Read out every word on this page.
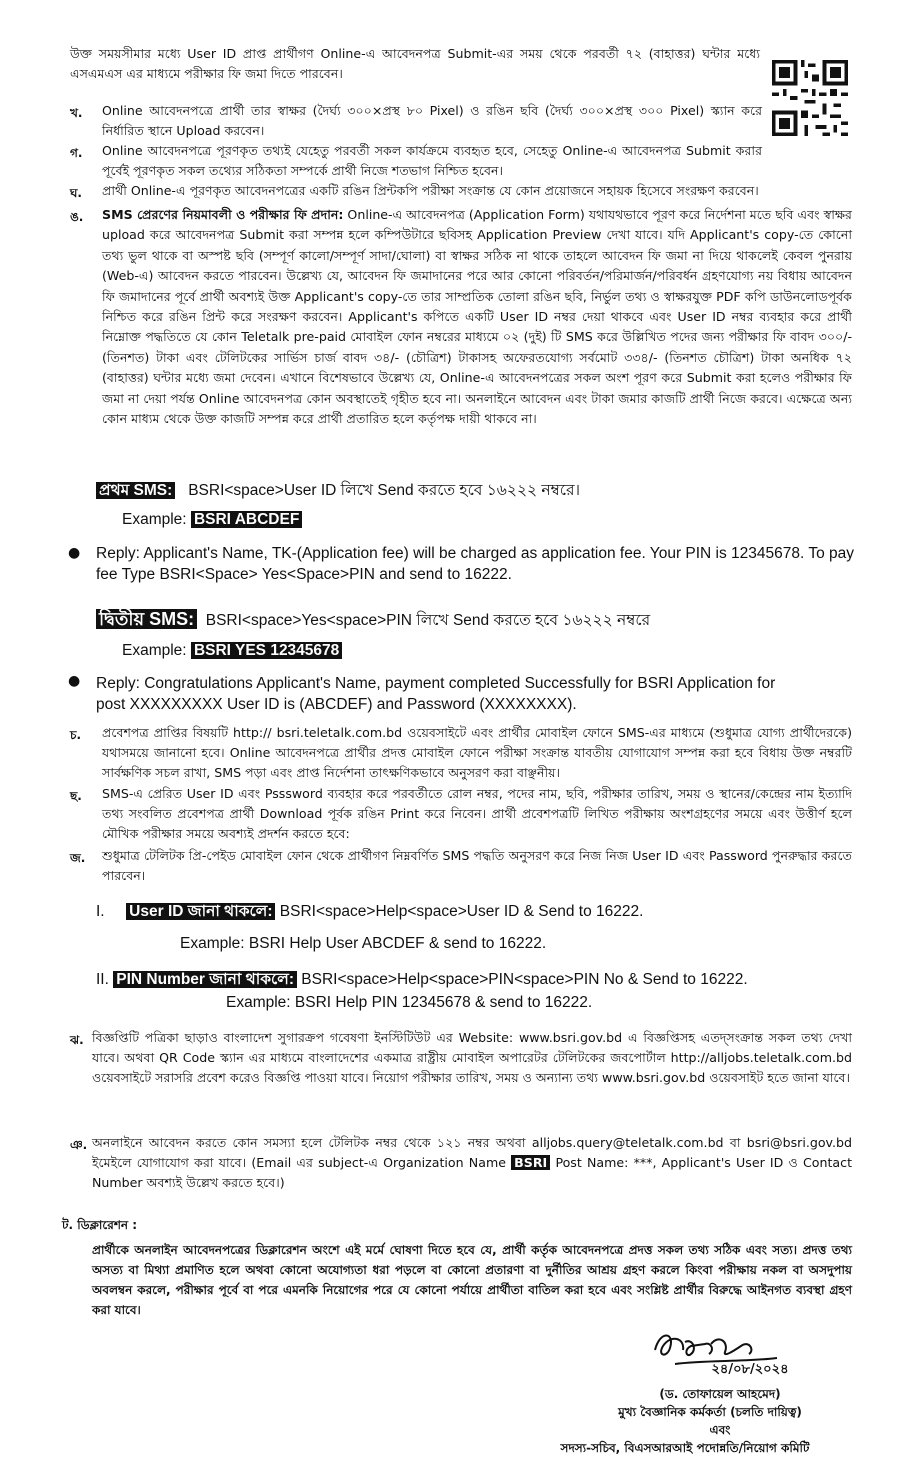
উক্ত সময়সীমার মধ্যে User ID প্রাপ্ত প্রার্থীগণ Online-এ আবেদনপত্র Submit-এর সময় থেকে পরবর্তী ৭২ (বাহাত্তর) ঘন্টার মধ্যে এসএমএস এর মাধ্যমে পরীক্ষার ফি জমা দিতে পারবেন।

খ. Online আবেদনপত্রে প্রার্থী তার স্বাক্ষর (দৈর্ঘ্য ৩০০×প্রস্থ ৮০ Pixel) ও রঙিন ছবি (দৈর্ঘ্য ৩০০×প্রস্থ ৩০০ Pixel) স্ক্যান করে নির্ধারিত স্থানে Upload করবেন।

গ. Online আবেদনপত্রে পূরণকৃত তথ্যই যেহেতু পরবর্তী সকল কার্যক্রমে ব্যবহৃত হবে, সেহেতু Online-এ আবেদনপত্র Submit করার পূর্বেই পূরণকৃত সকল তথ্যের সঠিকতা সম্পর্কে প্রার্থী নিজে শতভাগ নিশ্চিত হবেন।

ঘ. প্রার্থী Online-এ পূরণকৃত আবেদনপত্রের একটি রঙিন প্রিন্টকপি পরীক্ষা সংক্রান্ত যে কোন প্রয়োজনে সহায়ক হিসেবে সংরক্ষণ করবেন।

ঙ. SMS প্রেরণের নিয়মাবলী ও পরীক্ষার ফি প্রদান: Online-এ আবেদনপত্র (Application Form) যথাযথভাবে পূরণ করে নির্দেশনা মতে ছবি এবং স্বাক্ষর upload করে আবেদনপত্র Submit করা সম্পন্ন হলে কম্পিউটারে ছবিসহ Application Preview দেখা যাবে। যদি Applicant's copy-তে কোনো তথ্য ভুল থাকে বা অস্পষ্ট ছবি (সম্পূর্ণ কালো/সম্পূর্ণ সাদা/ঘোলা) বা স্বাক্ষর সঠিক না থাকে তাহলে আবেদন ফি জমা না দিয়ে থাকলেই কেবল পুনরায় (Web-এ) আবেদন করতে পারবেন। উল্লেখ্য যে, আবেদন ফি জমাদানের পরে আর কোনো পরিবর্তন/পরিমার্জন/পরিবর্ধন গ্রহণযোগ্য নয় বিধায় আবেদন ফি জমাদানের পূর্বে প্রার্থী অবশ্যই উক্ত Applicant's copy-তে তার সাম্প্রতিক তোলা রঙিন ছবি, নির্ভুল তথ্য ও স্বাক্ষরযুক্ত PDF কপি ডাউনলোডপূর্বক নিশ্চিত করে রঙিন প্রিন্ট করে সংরক্ষণ করবেন। Applicant's কপিতে একটি User ID নম্বর দেয়া থাকবে এবং User ID নম্বর ব্যবহার করে প্রার্থী নিম্নোক্ত পদ্ধতিতে যে কোন Teletalk pre-paid মোবাইল ফোন নম্বরের মাধ্যমে ০২ (দুই) টি SMS করে উল্লিখিত পদের জন্য পরীক্ষার ফি বাবদ ৩০০/- (তিনশত) টাকা এবং টেলিটকের সার্ভিস চার্জ বাবদ ৩৪/- (চৌত্রিশ) টাকাসহ অফেরতযোগ্য সর্বমোট ৩৩৪/- (তিনশত চৌত্রিশ) টাকা অনধিক ৭২ (বাহাত্তর) ঘন্টার মধ্যে জমা দেবেন। এখানে বিশেষভাবে উল্লেখ্য যে, Online-এ আবেদনপত্রের সকল অংশ পূরণ করে Submit করা হলেও পরীক্ষার ফি জমা না দেয়া পর্যন্ত Online আবেদনপত্র কোন অবস্থাতেই গৃহীত হবে না। অনলাইনে আবেদন এবং টাকা জমার কাজটি প্রার্থী নিজে করবে। এক্ষেত্রে অন্য কোন মাধ্যম থেকে উক্ত কাজটি সম্পন্ন করে প্রার্থী প্রতারিত হলে কর্তৃপক্ষ দায়ী থাকবে না।
প্রথম SMS: BSRI<space>User ID লিখে Send করতে হবে ১৬২২২ নম্বরে।
Example: BSRI ABCDEF
● Reply: Applicant's Name, TK-(Application fee) will be charged as application fee. Your PIN is 12345678. To pay fee Type BSRI<Space> Yes<Space>PIN and send to 16222.

দ্বিতীয় SMS: BSRI<space>Yes<space>PIN লিখে Send করতে হবে ১৬২২২ নম্বরে
Example: BSRI YES 12345678
● Reply: Congratulations Applicant's Name, payment completed Successfully for BSRI Application for post XXXXXXXXX User ID is (ABCDEF) and Password (XXXXXXXX).

চ. প্রবেশপত্র প্রাপ্তির বিষয়টি http:// bsri.teletalk.com.bd ওয়েবসাইটে এবং প্রার্থীর মোবাইল ফোনে SMS-এর মাধ্যমে (শুধুমাত্র যোগ্য প্রার্থীদেরকে) যথাসময়ে জানানো হবে। Online আবেদনপত্রে প্রার্থীর প্রদত্ত মোবাইল ফোনে পরীক্ষা সংক্রান্ত যাবতীয় যোগাযোগ সম্পন্ন করা হবে বিধায় উক্ত নম্বরটি সার্বক্ষণিক সচল রাখা, SMS পড়া এবং প্রাপ্ত নির্দেশনা তাৎক্ষণিকভাবে অনুসরণ করা বাঞ্ছনীয়।

ছ. SMS-এ প্রেরিত User ID এবং Psssword ব্যবহার করে পরবর্তীতে রোল নম্বর, পদের নাম, ছবি, পরীক্ষার তারিখ, সময় ও স্থানের/কেন্দ্রের নাম ইত্যাদি তথ্য সংবলিত প্রবেশপত্র প্রার্থী Download পূর্বক রঙিন Print করে নিবেন। প্রার্থী প্রবেশপত্রটি লিখিত পরীক্ষায় অংশগ্রহণের সময়ে এবং উত্তীর্ণ হলে মৌখিক পরীক্ষার সময়ে অবশ্যই প্রদর্শন করতে হবে:

জ. শুধুমাত্র টেলিটক প্রি-পেইড মোবাইল ফোন থেকে প্রার্থীগণ নিম্নবর্ণিত SMS পদ্ধতি অনুসরণ করে নিজ নিজ User ID এবং Password পুনরুদ্ধার করতে পারবেন।

I. User ID জানা থাকলে: BSRI<space>Help<space>User ID & Send to 16222.
Example: BSRI Help User ABCDEF & send to 16222.
II. PIN Number জানা থাকলে: BSRI<space>Help<space>PIN<space>PIN No & Send to 16222.
Example: BSRI Help PIN 12345678 & send to 16222.
ঝ. বিজ্ঞপ্তিটি পত্রিকা ছাড়াও বাংলাদেশ সুগারক্রপ গবেষণা ইনস্টিটিউট এর Website: www.bsri.gov.bd এ বিজ্ঞপ্তিসহ এতদ্সংক্রান্ত সকল তথ্য দেখা যাবে। অথবা QR Code স্ক্যান এর মাধ্যমে বাংলাদেশের একমাত্র রাষ্ট্রীয় মোবাইল অপারেটর টেলিটকের জবপোর্টাল http://alljobs.teletalk.com.bd ওয়েবসাইটে সরাসরি প্রবেশ করেও বিজ্ঞপ্তি পাওয়া যাবে। নিয়োগ পরীক্ষার তারিখ, সময় ও অন্যান্য তথ্য www.bsri.gov.bd ওয়েবসাইট হতে জানা যাবে।

ঞ. অনলাইনে আবেদন করতে কোন সমস্যা হলে টেলিটক নম্বর থেকে ১২১ নম্বর অথবা alljobs.query@teletalk.com.bd বা bsri@bsri.gov.bd ইমেইলে যোগাযোগ করা যাবে। (Email এর subject-এ Organization Name BSRI Post Name: ***, Applicant's User ID ও Contact Number অবশ্যই উল্লেখ করতে হবে।)
ট. ডিক্লারেশন :

প্রার্থীকে অনলাইন আবেদনপত্রের ডিক্লারেশন অংশে এই মর্মে ঘোষণা দিতে হবে যে, প্রার্থী কর্তৃক আবেদনপত্রে প্রদত্ত সকল তথ্য সঠিক এবং সত্য। প্রদত্ত তথ্য অসত্য বা মিথ্যা প্রমাণিত হলে অথবা কোনো অযোগ্যতা ধরা পড়লে বা কোনো প্রতারণা বা দুর্নীতির আশ্রয় গ্রহণ করলে কিংবা পরীক্ষায় নকল বা অসদুপায় অবলম্বন করলে, পরীক্ষার পূর্বে বা পরে এমনকি নিয়োগের পরে যে কোনো পর্যায়ে প্রার্থীতা বাতিল করা হবে এবং সংশ্লিষ্ট প্রার্থীর বিরুদ্ধে আইনগত ব্যবস্থা গ্রহণ করা যাবে।

২৪/০৮/২০২৪
(ড. তোফায়েল আহমেদ)
মুখ্য বৈজ্ঞানিক কর্মকর্তা (চলতি দায়িত্ব)
এবং
সদস্য-সচিব, বিএসআরআই পদোন্নতি/নিয়োগ কমিটি
